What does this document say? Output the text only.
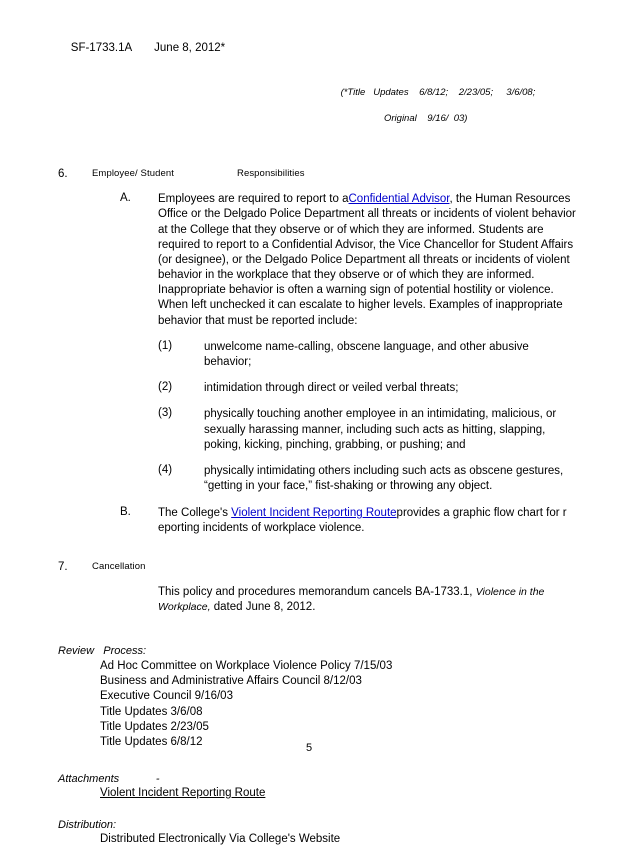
SF-1733.1A June 8, 2012*

(*Title   Updates    6/8/12;    2/23/05;     3/6/08;

Original    9/16/  03)

6.	Employee/ Student                       Responsibilities
A.	Employees are required to report to aConfidential Advisor, the Human Resources Office or the Delgado Police Department all threats or incidents of violent behavior at the College that they observe or of which they are informed. Students are required to report to a Confidential Advisor, the Vice Chancellor for Student Affairs (or designee), or the Delgado Police Department all threats or incidents of violent behavior in the workplace that they observe or of which they are informed. Inappropriate behavior is often a warning sign of potential hostility or violence. When left unchecked it can escalate to higher levels. Examples of inappropriate behavior that must be reported include:
(1)	unwelcome name-calling, obscene language, and other abusive behavior;
(2)	intimidation through direct or veiled verbal threats;
(3)	physically touching another employee in an intimidating, malicious, or sexually harassing manner, including such acts as hitting, slapping, poking, kicking, pinching, grabbing, or pushing; and
(4)	physically intimidating others including such acts as obscene gestures, “getting in your face,” fist-shaking or throwing any object.
B.	The College's Violent Incident Reporting Routeprovides a graphic flow chart for r eporting incidents of workplace violence.
7.	Cancellation
This policy and procedures memorandum cancels BA-1733.1, Violence in the Workplace, dated June 8, 2012.
Review   Process:
Ad Hoc Committee on Workplace Violence Policy 7/15/03
Business and Administrative Affairs Council 8/12/03
Executive Council 9/16/03
Title Updates 3/6/08
Title Updates 2/23/05
Title Updates 6/8/12
Attachments            -
Violent Incident Reporting Route
Distribution:
Distributed Electronically Via College's Website
5
